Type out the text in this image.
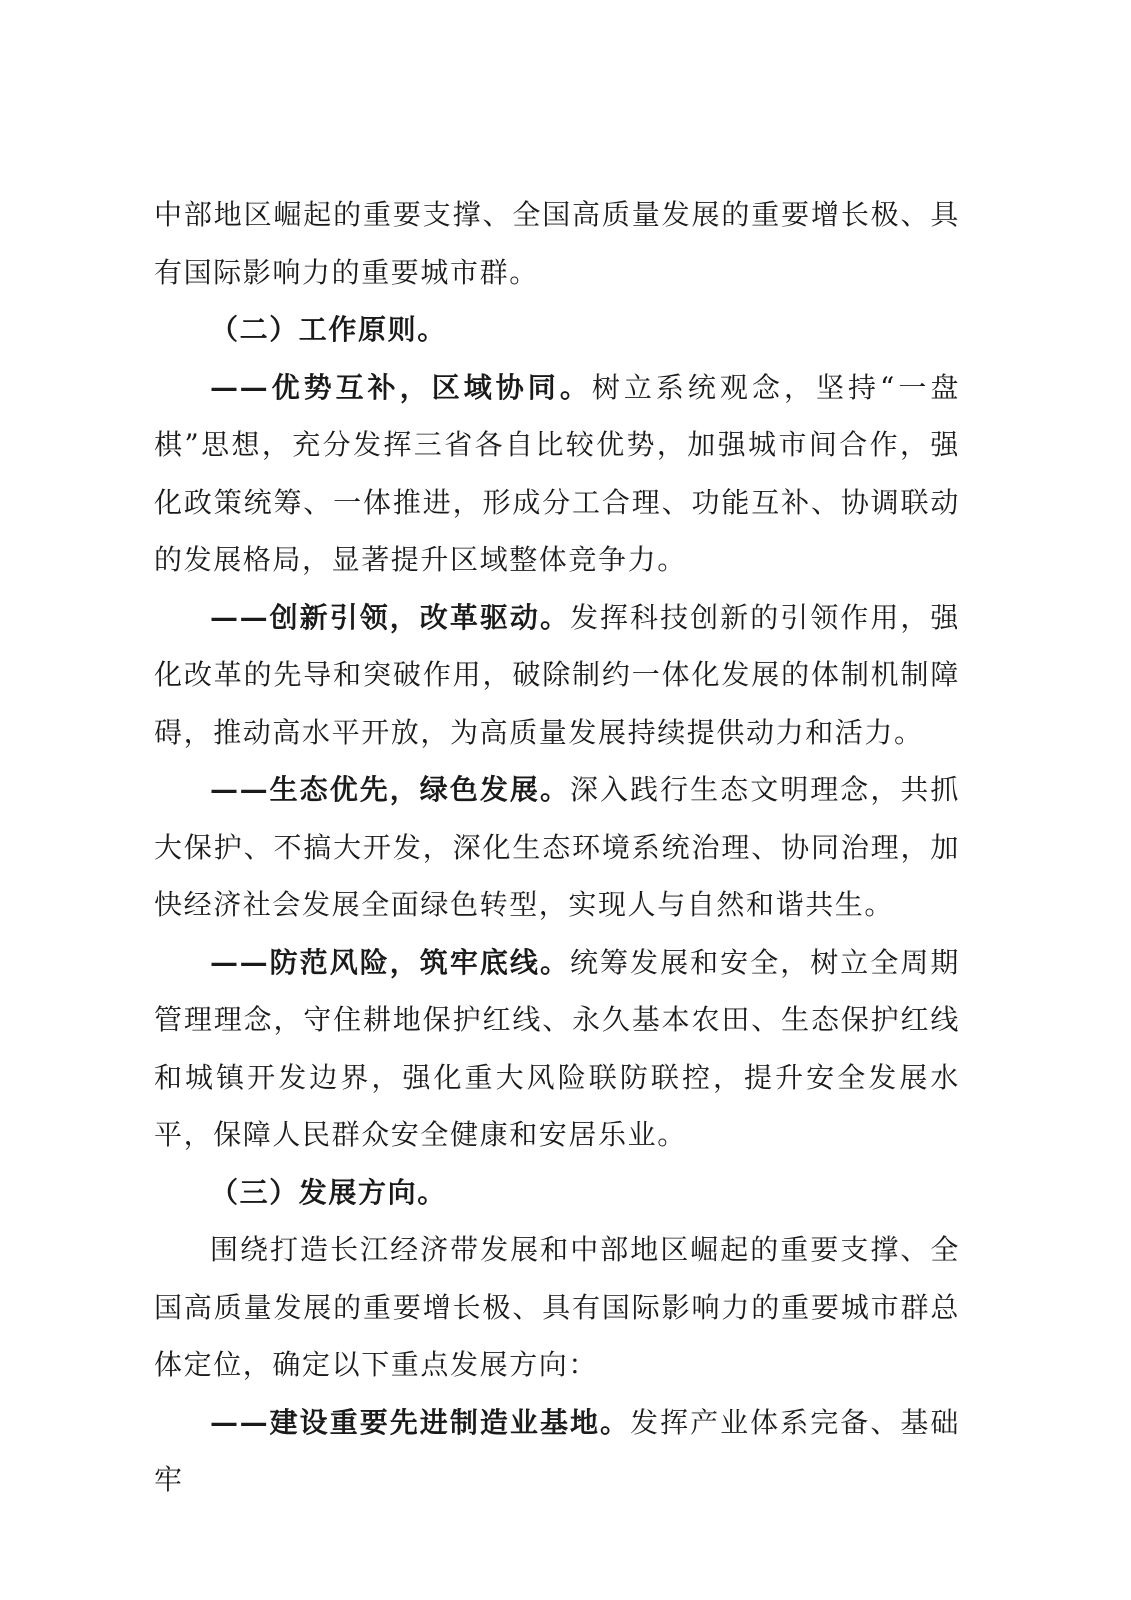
中部地区崛起的重要支撑、全国高质量发展的重要增长极、具有国际影响力的重要城市群。

（二）工作原则。

——优势互补，区域协同。树立系统观念，坚持“一盘棋”思想，充分发挥三省各自比较优势，加强城市间合作，强化政策统筹、一体推进，形成分工合理、功能互补、协调联动的发展格局，显著提升区域整体竞争力。

——创新引领，改革驱动。发挥科技创新的引领作用，强化改革的先导和突破作用，破除制约一体化发展的体制机制障碍，推动高水平开放，为高质量发展持续提供动力和活力。

——生态优先，绿色发展。深入践行生态文明理念，共抓大保护、不搞大开发，深化生态环境系统治理、协同治理，加快经济社会发展全面绿色转型，实现人与自然和谐共生。

——防范风险，筑牢底线。统筹发展和安全，树立全周期管理理念，守住耕地保护红线、永久基本农田、生态保护红线和城镇开发边界，强化重大风险联防联控，提升安全发展水平，保障人民群众安全健康和安居乐业。

（三）发展方向。

围绕打造长江经济带发展和中部地区崛起的重要支撑、全国高质量发展的重要增长极、具有国际影响力的重要城市群总体定位，确定以下重点发展方向：

——建设重要先进制造业基地。发挥产业体系完备、基础牢
